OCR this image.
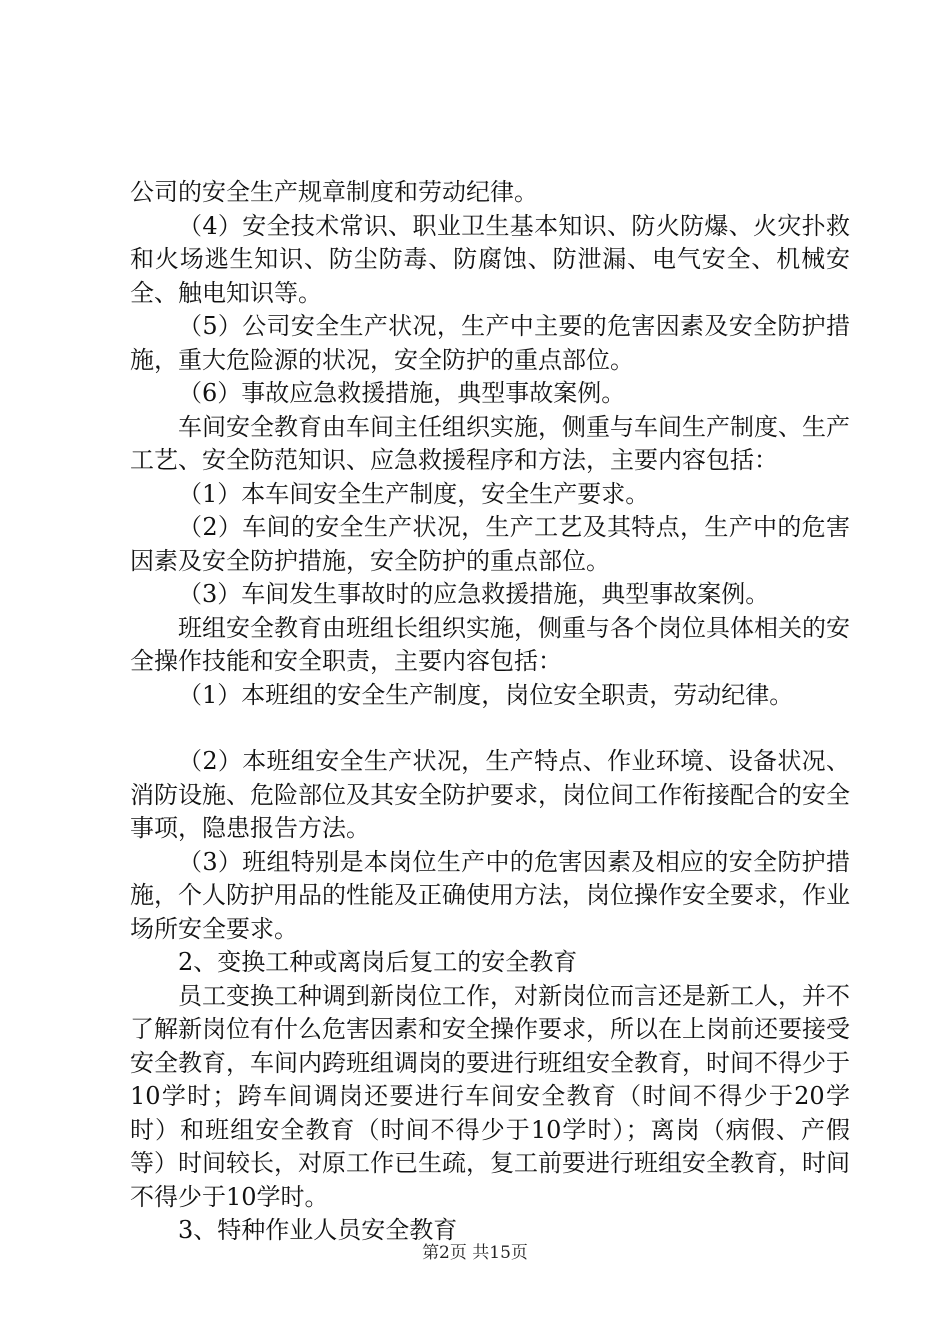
公司的安全生产规章制度和劳动纪律。

（4）安全技术常识、职业卫生基本知识、防火防爆、火灾扑救和火场逃生知识、防尘防毒、防腐蚀、防泄漏、电气安全、机械安全、触电知识等。

（5）公司安全生产状况，生产中主要的危害因素及安全防护措施，重大危险源的状况，安全防护的重点部位。

（6）事故应急救援措施，典型事故案例。

车间安全教育由车间主任组织实施，侧重与车间生产制度、生产工艺、安全防范知识、应急救援程序和方法，主要内容包括：

（1）本车间安全生产制度，安全生产要求。

（2）车间的安全生产状况，生产工艺及其特点，生产中的危害因素及安全防护措施，安全防护的重点部位。

（3）车间发生事故时的应急救援措施，典型事故案例。

班组安全教育由班组长组织实施，侧重与各个岗位具体相关的安全操作技能和安全职责，主要内容包括：

（1）本班组的安全生产制度，岗位安全职责，劳动纪律。

（2）本班组安全生产状况，生产特点、作业环境、设备状况、消防设施、危险部位及其安全防护要求，岗位间工作衔接配合的安全事项，隐患报告方法。

（3）班组特别是本岗位生产中的危害因素及相应的安全防护措施，个人防护用品的性能及正确使用方法，岗位操作安全要求，作业场所安全要求。

2、变换工种或离岗后复工的安全教育

员工变换工种调到新岗位工作，对新岗位而言还是新工人，并不了解新岗位有什么危害因素和安全操作要求，所以在上岗前还要接受安全教育，车间内跨班组调岗的要进行班组安全教育，时间不得少于10学时；跨车间调岗还要进行车间安全教育（时间不得少于20学时）和班组安全教育（时间不得少于10学时）；离岗（病假、产假等）时间较长，对原工作已生疏，复工前要进行班组安全教育，时间不得少于10学时。

3、特种作业人员安全教育

第2页 共15页
